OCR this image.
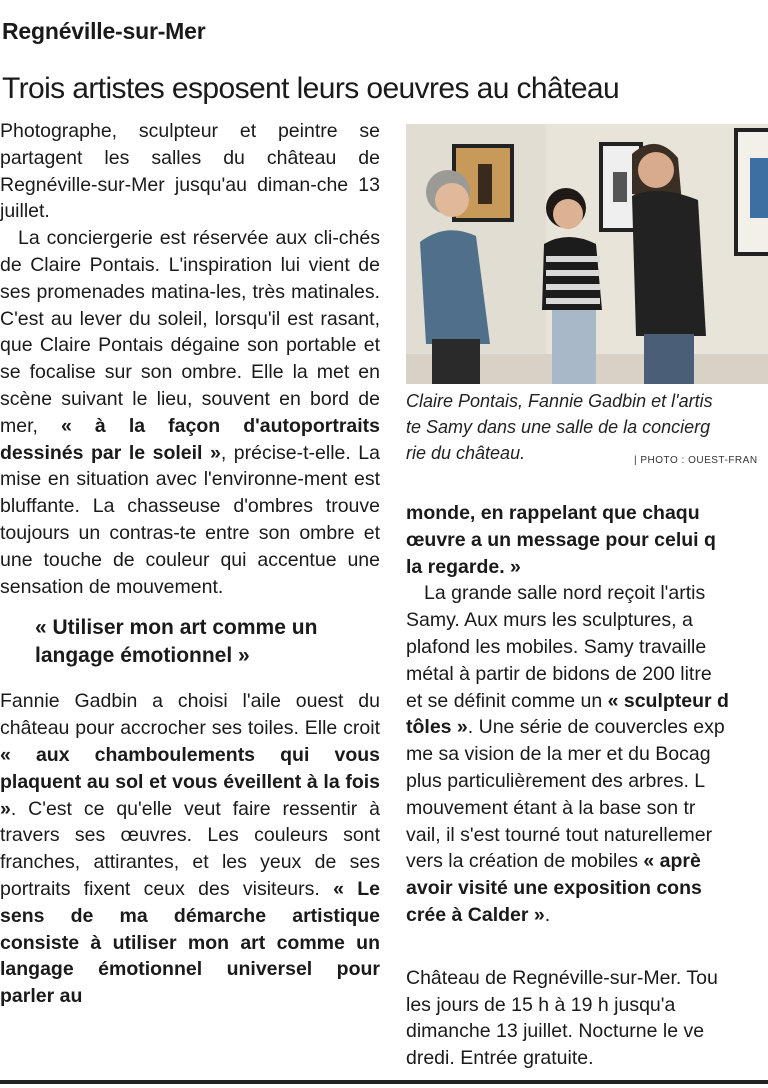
Regnéville-sur-Mer
Trois artistes esposent leurs oeuvres au château

Photographe, sculpteur et peintre se partagent les salles du château de Regnéville-sur-Mer jusqu'au diman-che 13 juillet.

La conciergerie est réservée aux cli-chés de Claire Pontais. L'inspiration lui vient de ses promenades matina-les, très matinales. C'est au lever du soleil, lorsqu'il est rasant, que Claire Pontais dégaine son portable et se focalise sur son ombre. Elle la met en scène suivant le lieu, souvent en bord de mer, « à la façon d'autoportraits dessinés par le soleil », précise-t-elle. La mise en situation avec l'environne-ment est bluffante. La chasseuse d'ombres trouve toujours un contras-te entre son ombre et une touche de couleur qui accentue une sensation de mouvement.

« Utiliser mon art comme un langage émotionnel »

Fannie Gadbin a choisi l'aile ouest du château pour accrocher ses toiles. Elle croit « aux chamboulements qui vous plaquent au sol et vous éveillent à la fois ». C'est ce qu'elle veut faire ressentir à travers ses œuvres. Les couleurs sont franches, attirantes, et les yeux de ses portraits fixent ceux des visiteurs. « Le sens de ma démarche artistique consiste à utiliser mon art comme un langage émotionnel universel pour parler au

Claire Pontais, Fannie Gadbin et l'artis
te Samy dans une salle de la concierg
rie du château.	| PHOTO : OUEST-FRAN
monde, en rappelant que chaqu
œuvre a un message pour celui q
la regarde. »
La grande salle nord reçoit l'artis
Samy. Aux murs les sculptures, a
plafond les mobiles. Samy travaille
métal à partir de bidons de 200 litre
et se définit comme un « sculpteur d
tôles ». Une série de couvercles exp
me sa vision de la mer et du Bocag
plus particulièrement des arbres. L
mouvement étant à la base son tr
vail, il s'est tourné tout naturellemer
vers la création de mobiles « aprè
avoir visité une exposition cons
crée à Calder ».
Château de Regnéville-sur-Mer. Tou
les jours de 15 h à 19 h jusqu'a
dimanche 13 juillet. Nocturne le ve
dredi. Entrée gratuite.
